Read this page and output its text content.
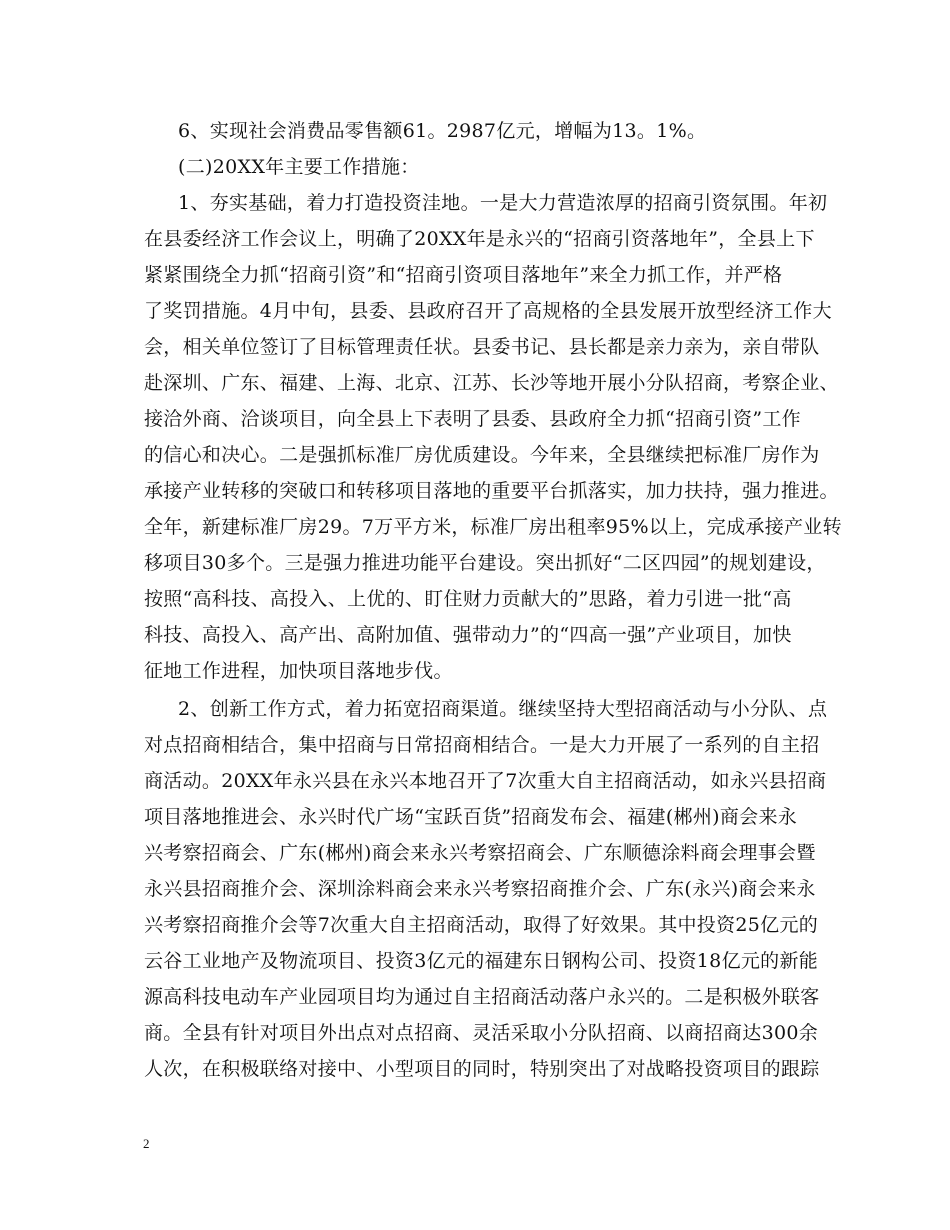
6、实现社会消费品零售额61。2987亿元，增幅为13。1%。
(二)20XX年主要工作措施：
1、夯实基础，着力打造投资洼地。一是大力营造浓厚的招商引资氛围。年初
在县委经济工作会议上，明确了20XX年是永兴的“招商引资落地年”，全县上下
紧紧围绕全力抓“招商引资”和“招商引资项目落地年”来全力抓工作，并严格
了奖罚措施。4月中旬，县委、县政府召开了高规格的全县发展开放型经济工作大
会，相关单位签订了目标管理责任状。县委书记、县长都是亲力亲为，亲自带队
赴深圳、广东、福建、上海、北京、江苏、长沙等地开展小分队招商，考察企业、
接洽外商、洽谈项目，向全县上下表明了县委、县政府全力抓“招商引资”工作
的信心和决心。二是强抓标准厂房优质建设。今年来，全县继续把标准厂房作为
承接产业转移的突破口和转移项目落地的重要平台抓落实，加力扶持，强力推进。
全年，新建标准厂房29。7万平方米，标准厂房出租率95%以上，完成承接产业转
移项目30多个。三是强力推进功能平台建设。突出抓好“二区四园”的规划建设，
按照“高科技、高投入、上优的、盯住财力贡献大的”思路，着力引进一批“高
科技、高投入、高产出、高附加值、强带动力”的“四高一强”产业项目，加快
征地工作进程，加快项目落地步伐。
2、创新工作方式，着力拓宽招商渠道。继续坚持大型招商活动与小分队、点
对点招商相结合，集中招商与日常招商相结合。一是大力开展了一系列的自主招
商活动。20XX年永兴县在永兴本地召开了7次重大自主招商活动，如永兴县招商
项目落地推进会、永兴时代广场“宝跃百货”招商发布会、福建(郴州)商会来永
兴考察招商会、广东(郴州)商会来永兴考察招商会、广东顺德涂料商会理事会暨
永兴县招商推介会、深圳涂料商会来永兴考察招商推介会、广东(永兴)商会来永
兴考察招商推介会等7次重大自主招商活动，取得了好效果。其中投资25亿元的
云谷工业地产及物流项目、投资3亿元的福建东日钢构公司、投资18亿元的新能
源高科技电动车产业园项目均为通过自主招商活动落户永兴的。二是积极外联客
商。全县有针对项目外出点对点招商、灵活采取小分队招商、以商招商达300余
人次，在积极联络对接中、小型项目的同时，特别突出了对战略投资项目的跟踪
2
